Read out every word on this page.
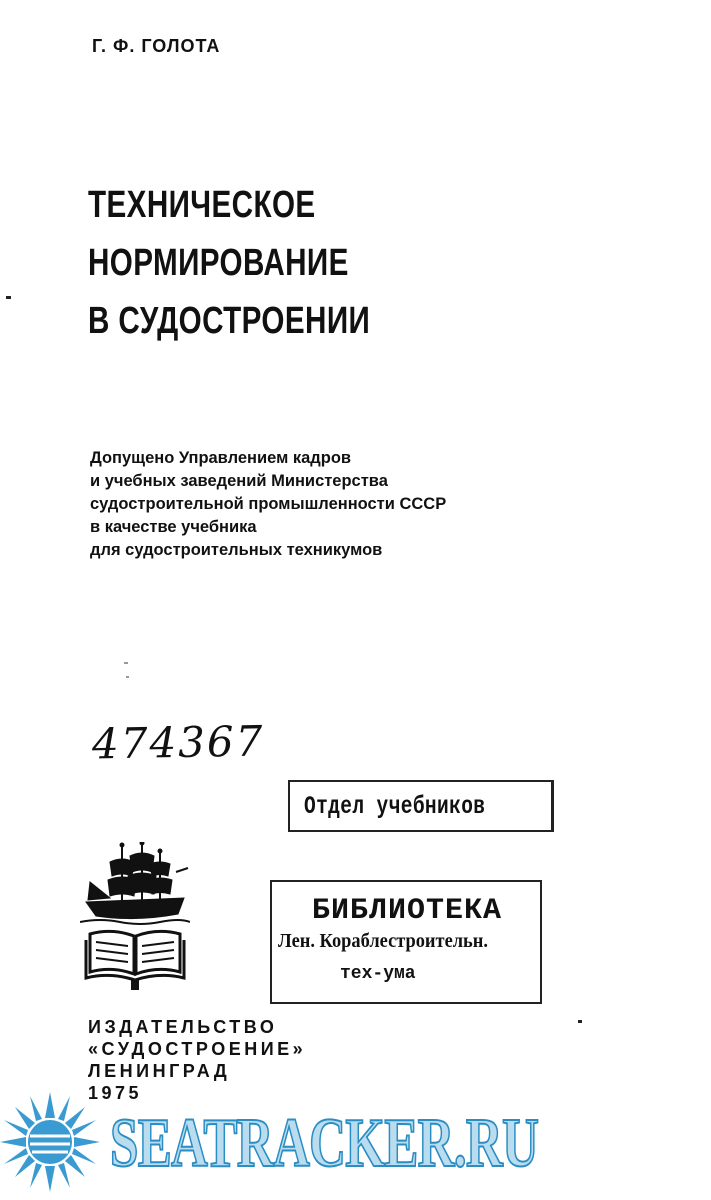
Г. Ф. ГОЛОТА
ТЕХНИЧЕСКОЕ
НОРМИРОВАНИЕ
В СУДОСТРОЕНИИ
Допущено Управлением кадров
и учебных заведений Министерства
судостроительной промышленности СССР
в качестве учебника
для судостроительных техникумов
474367
Отдел учебников
БИБЛИОТЕКА
Лен. Кораблестроительн.
тех-ума
ИЗДАТЕЛЬСТВО
«СУДОСТРОЕНИЕ»
ЛЕНИНГРАД
1975
SEATRACKER.RU
